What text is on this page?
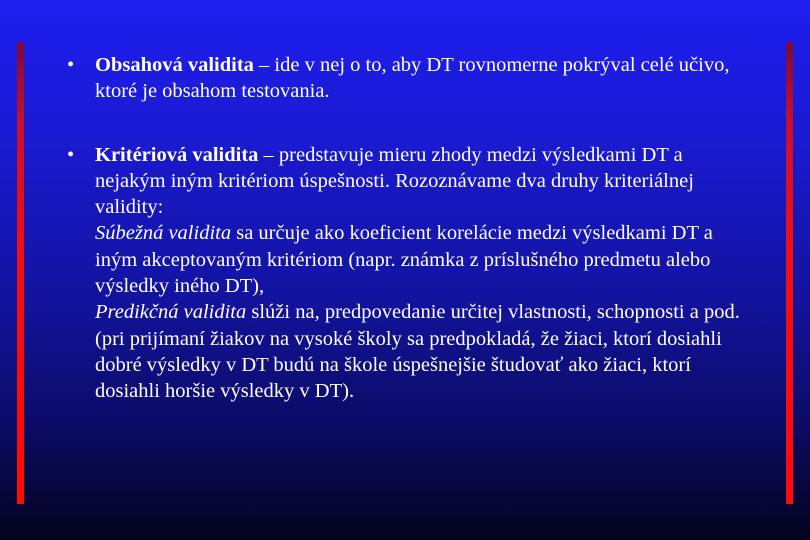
• Obsahová validita – ide v nej o to, aby DT rovnomerne pokrýval celé učivo, ktoré je obsahom testovania.
• Kritériová validita – predstavuje mieru zhody medzi výsledkami DT a nejakým iným kritériom úspešnosti. Rozoznávame dva druhy kriteriálnej validity:
Súbežná validita sa určuje ako koeficient korelácie medzi výsledkami DT a iným akceptovaným kritériom (napr. známka z príslušného predmetu alebo výsledky iného DT),
Predikčná validita slúži na, predpovedanie určitej vlastnosti, schopnosti a pod. (pri prijímaní žiakov na vysoké školy sa predpokladá, že žiaci, ktorí dosiahli dobré výsledky v DT budú na škole úspešnejšie študovať ako žiaci, ktorí dosiahli horšie výsledky v DT).
